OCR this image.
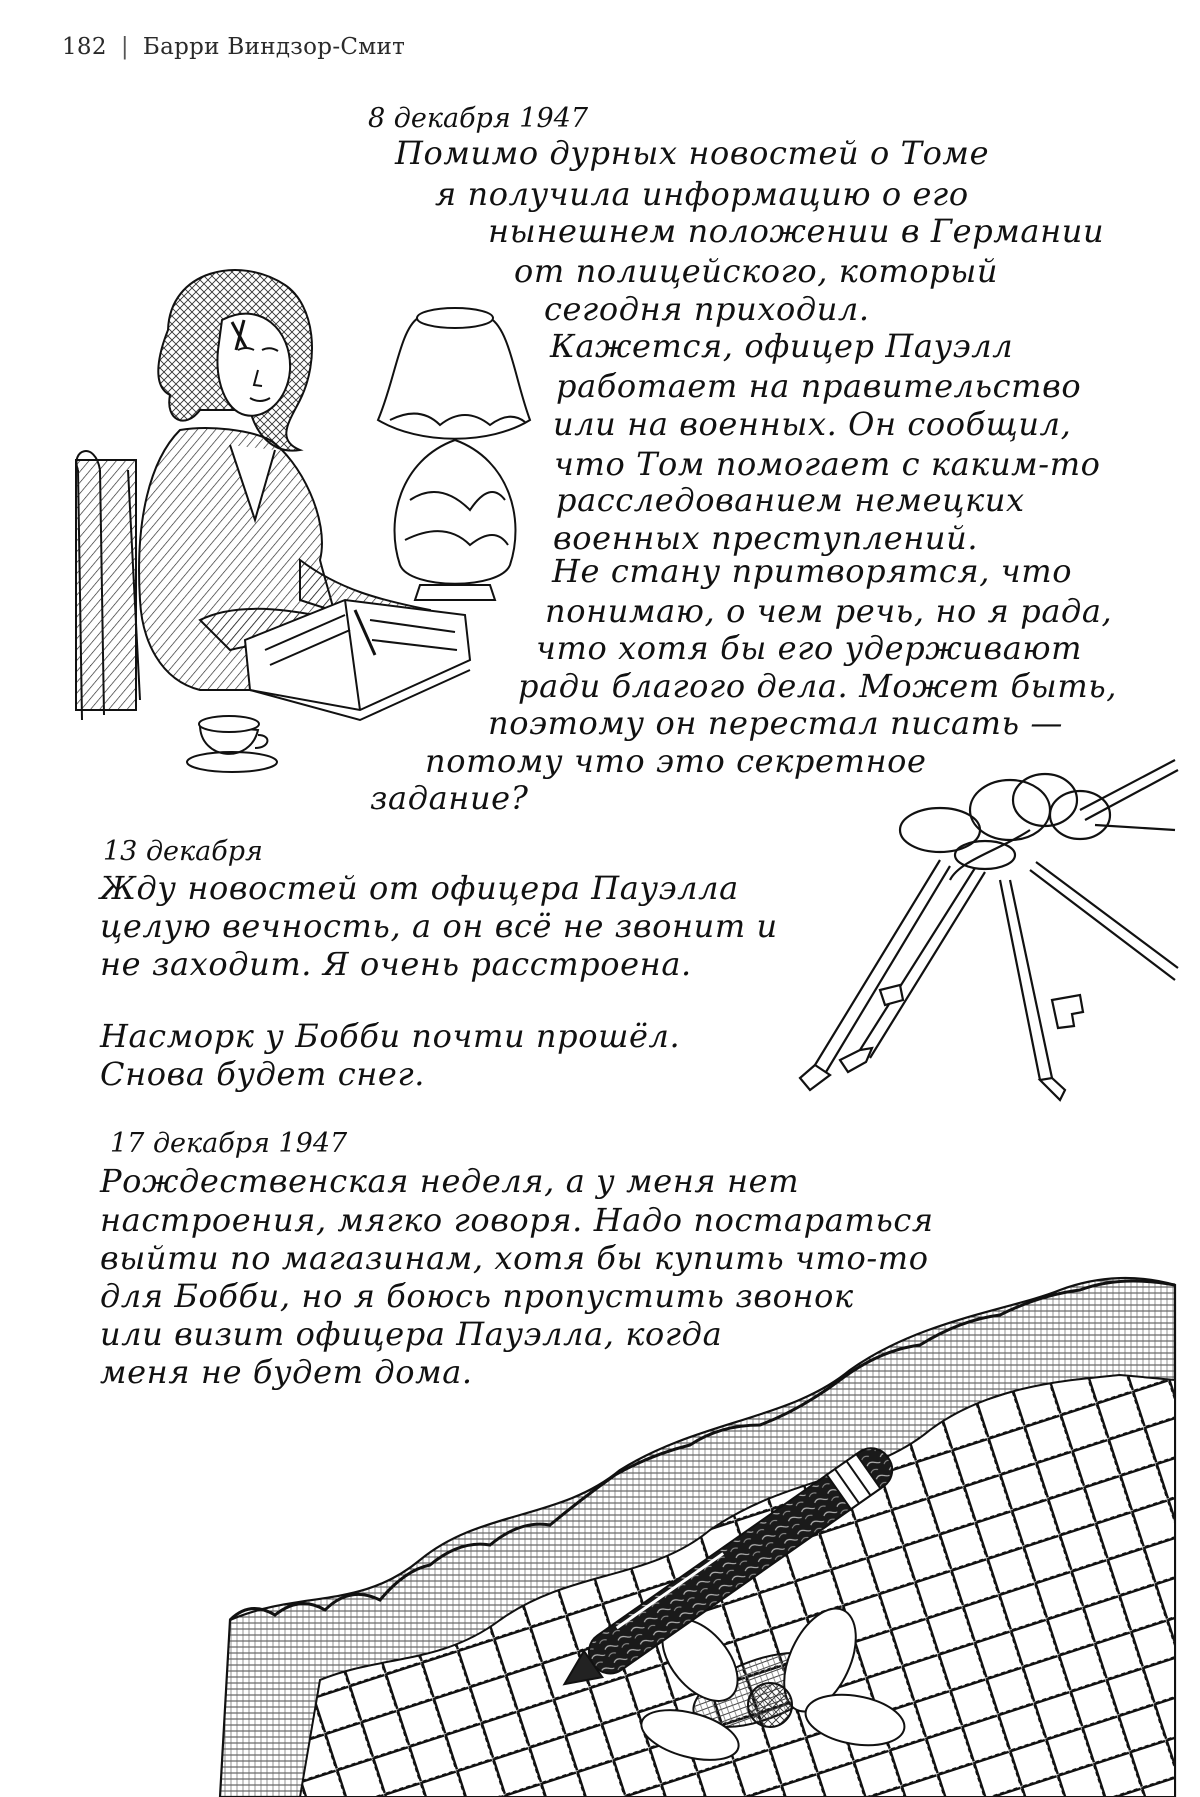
182 | Барри Виндзор-Смит
8 декабря 1947
Помимо дурных новостей о Томе
я получила информацию о его
нынешнем положении в Германии
от полицейского, который
сегодня приходил.
Кажется, офицер Пауэлл
работает на правительство
или на военных. Он сообщил,
что Том помогает с каким-то
расследованием немецких
военных преступлений.
Не стану притворятся, что
понимаю, о чем речь, но я рада,
что хотя бы его удерживают
ради благого дела. Может быть,
поэтому он перестал писать —
потому что это секретное
задание?
13 декабря
Жду новостей от офицера Пауэлла
целую вечность, а он всё не звонит и
не заходит. Я очень расстроена.
Насморк у Бобби почти прошёл.
Снова будет снег.
17 декабря 1947
Рождественская неделя, а у меня нет
настроения, мягко говоря. Надо постараться
выйти по магазинам, хотя бы купить что-то
для Бобби, но я боюсь пропустить звонок
или визит офицера Пауэлла, когда
меня не будет дома.
